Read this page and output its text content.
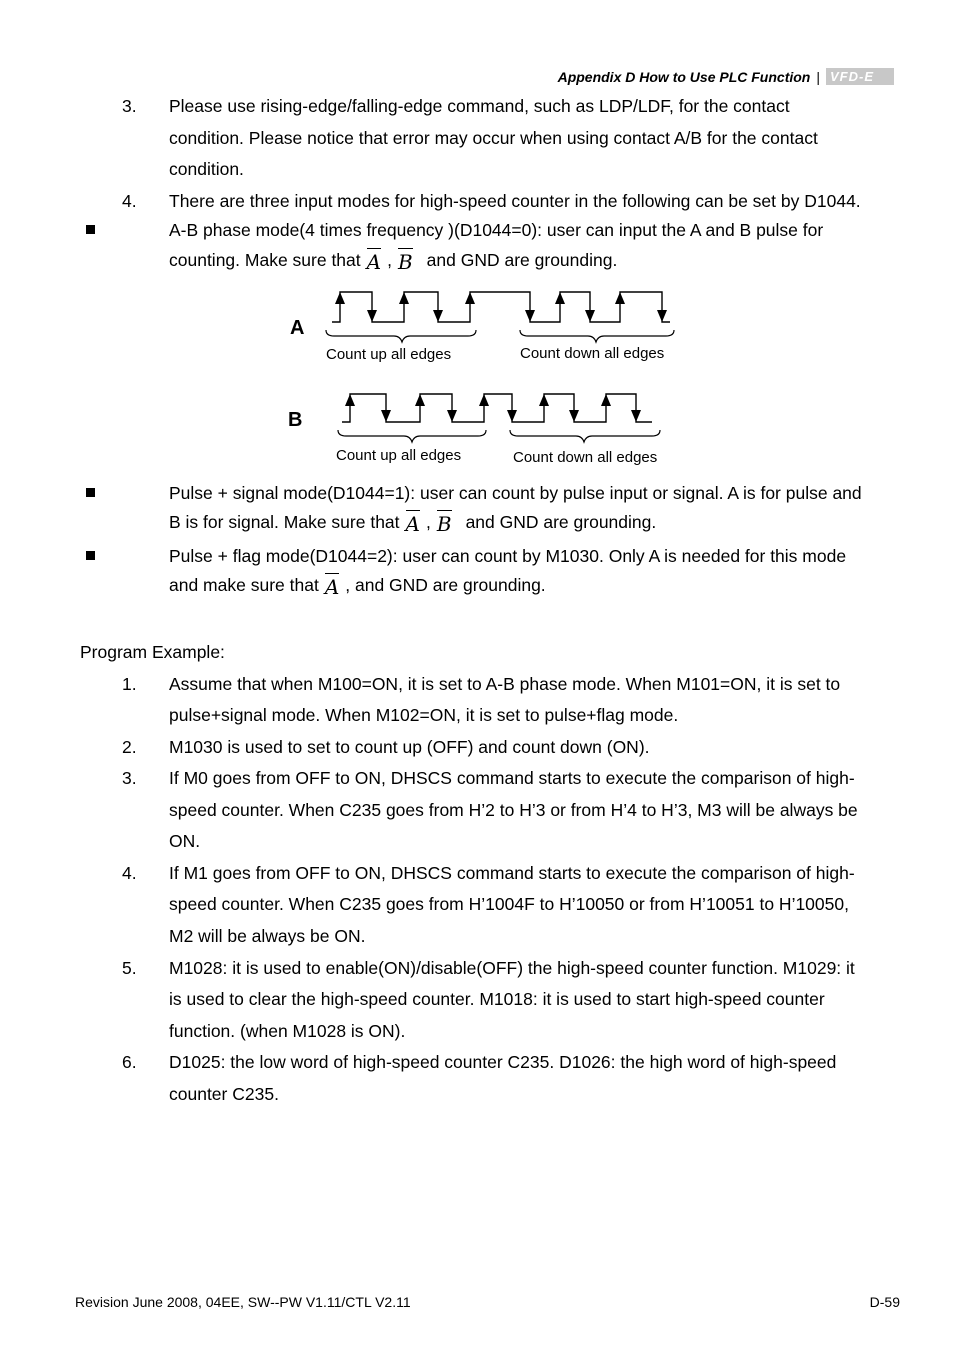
Appendix D How to Use PLC Function | VFD-E
3. Please use rising-edge/falling-edge command, such as LDP/LDF, for the contact
condition. Please notice that error may occur when using contact A/B for the contact
condition.
4. There are three input modes for high-speed counter in the following can be set by D1044.
A-B phase mode(4 times frequency )(D1044=0): user can input the A and B pulse for
counting. Make sure that A , B and GND are grounding.
A
B
Count up all edges	Count down all edges
Count up all edges	Count down all edges
Pulse + signal mode(D1044=1): user can count by pulse input or signal. A is for pulse and
B is for signal. Make sure that A , B and GND are grounding.
Pulse + flag mode(D1044=2): user can count by M1030. Only A is needed for this mode
and make sure that A , and GND are grounding.
Program Example:
1. Assume that when M100=ON, it is set to A-B phase mode. When M101=ON, it is set to
pulse+signal mode. When M102=ON, it is set to pulse+flag mode.
2. M1030 is used to set to count up (OFF) and count down (ON).
3. If M0 goes from OFF to ON, DHSCS command starts to execute the comparison of high-
speed counter. When C235 goes from H’2 to H’3 or from H’4 to H’3, M3 will be always be
ON.
4. If M1 goes from OFF to ON, DHSCS command starts to execute the comparison of high-
speed counter. When C235 goes from H’1004F to H’10050 or from H’10051 to H’10050,
M2 will be always be ON.
5. M1028: it is used to enable(ON)/disable(OFF) the high-speed counter function. M1029: it
is used to clear the high-speed counter. M1018: it is used to start high-speed counter
function. (when M1028 is ON).
6. D1025: the low word of high-speed counter C235. D1026: the high word of high-speed
counter C235.
Revision June 2008, 04EE, SW--PW V1.11/CTL V2.11	D-59
